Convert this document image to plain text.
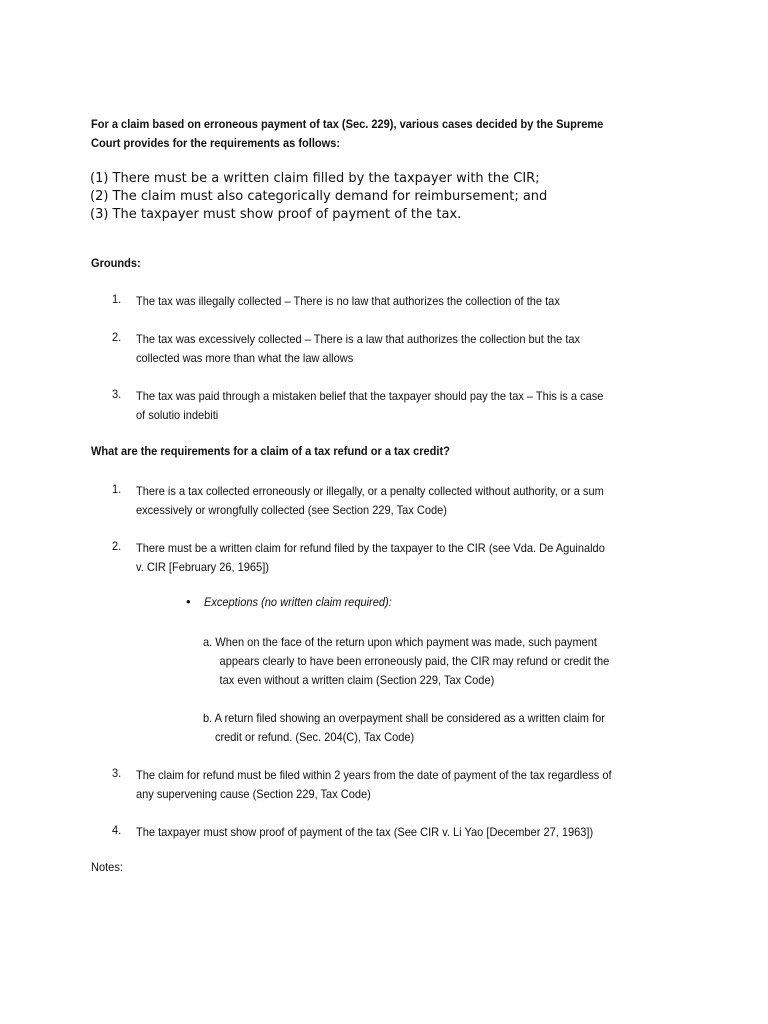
For a claim based on erroneous payment of tax (Sec. 229), various cases decided by the Supreme
Court provides for the requirements as follows:
(1) There must be a written claim filled by the taxpayer with the CIR;
(2) The claim must also categorically demand for reimbursement; and
(3) The taxpayer must show proof of payment of the tax.
Grounds:
1. The tax was illegally collected – There is no law that authorizes the collection of the tax
2. The tax was excessively collected – There is a law that authorizes the collection but the tax
collected was more than what the law allows
3. The tax was paid through a mistaken belief that the taxpayer should pay the tax – This is a case
of solutio indebiti
What are the requirements for a claim of a tax refund or a tax credit?
1. There is a tax collected erroneously or illegally, or a penalty collected without authority, or a sum
excessively or wrongfully collected (see Section 229, Tax Code)
2. There must be a written claim for refund filed by the taxpayer to the CIR (see Vda. De Aguinaldo
v. CIR [February 26, 1965])
• Exceptions (no written claim required):
a. When on the face of the return upon which payment was made, such payment
appears clearly to have been erroneously paid, the CIR may refund or credit the
tax even without a written claim (Section 229, Tax Code)
b. A return filed showing an overpayment shall be considered as a written claim for
credit or refund. (Sec. 204(C), Tax Code)
3. The claim for refund must be filed within 2 years from the date of payment of the tax regardless of
any supervening cause (Section 229, Tax Code)
4. The taxpayer must show proof of payment of the tax (See CIR v. Li Yao [December 27, 1963])
Notes:
